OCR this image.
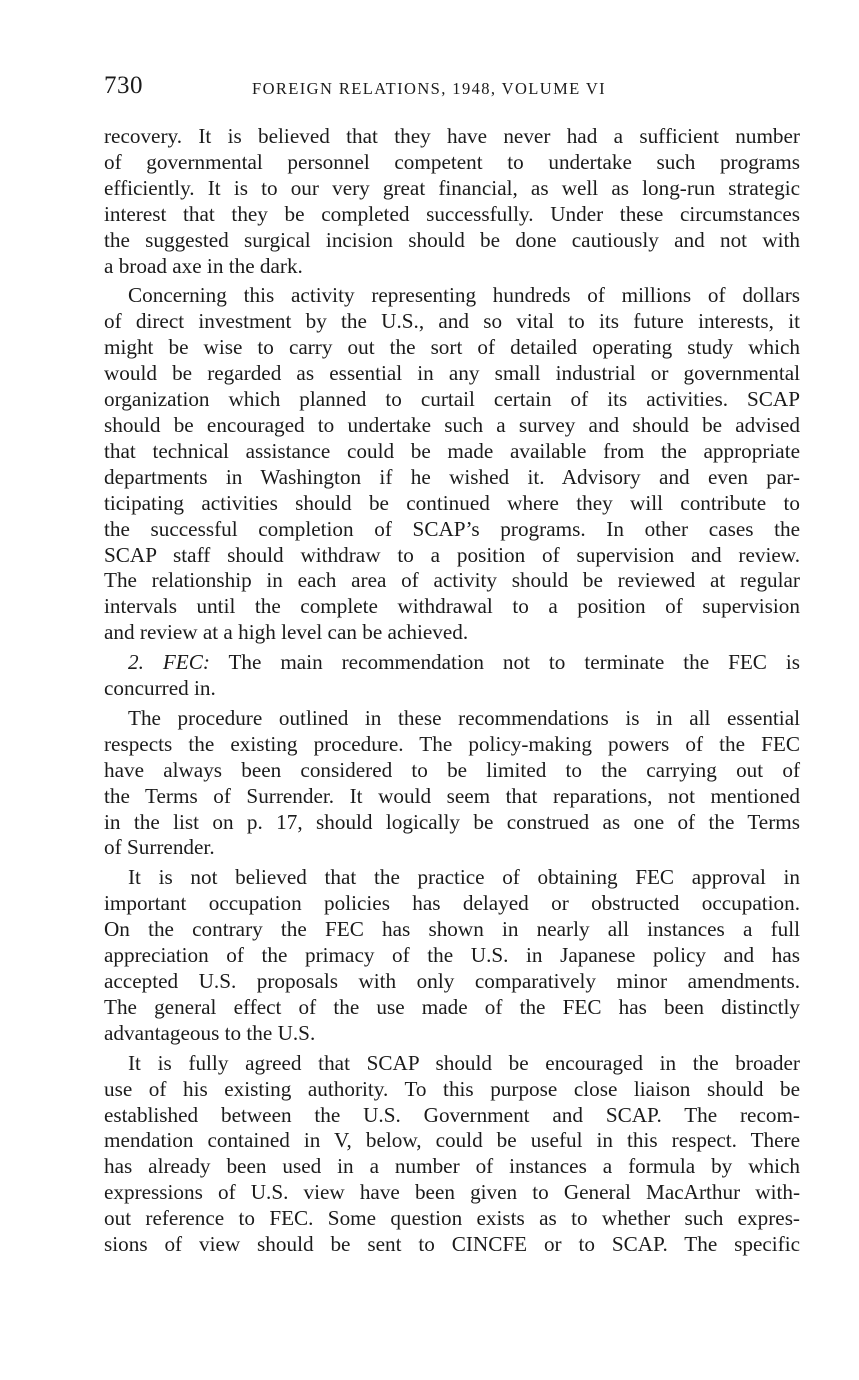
730	FOREIGN RELATIONS, 1948, VOLUME VI

recovery. It is believed that they have never had a sufficient number
of governmental personnel competent to undertake such programs
efficiently. It is to our very great financial, as well as long-run strategic
interest that they be completed successfully. Under these circumstances
the suggested surgical incision should be done cautiously and not with
a broad axe in the dark.

Concerning this activity representing hundreds of millions of dollars
of direct investment by the U.S., and so vital to its future interests, it
might be wise to carry out the sort of detailed operating study which
would be regarded as essential in any small industrial or governmental
organization which planned to curtail certain of its activities. SCAP
should be encouraged to undertake such a survey and should be advised
that technical assistance could be made available from the appropriate
departments in Washington if he wished it. Advisory and even par-
ticipating activities should be continued where they will contribute to
the successful completion of SCAP’s programs. In other cases the
SCAP staff should withdraw to a position of supervision and review.
The relationship in each area of activity should be reviewed at regular
intervals until the complete withdrawal to a position of supervision
and review at a high level can be achieved.

2. FEC: The main recommendation not to terminate the FEC is
concurred in.

The procedure outlined in these recommendations is in all essential
respects the existing procedure. The policy-making powers of the FEC
have always been considered to be limited to the carrying out of
the Terms of Surrender. It would seem that reparations, not mentioned
in the list on p. 17, should logically be construed as one of the Terms
of Surrender.

It is not believed that the practice of obtaining FEC approval in
important occupation policies has delayed or obstructed occupation.
On the contrary the FEC has shown in nearly all instances a full
appreciation of the primacy of the U.S. in Japanese policy and has
accepted U.S. proposals with only comparatively minor amendments.
The general effect of the use made of the FEC has been distinctly
advantageous to the U.S.

It is fully agreed that SCAP should be encouraged in the broader
use of his existing authority. To this purpose close liaison should be
established between the U.S. Government and SCAP. The recom-
mendation contained in V, below, could be useful in this respect. There
has already been used in a number of instances a formula by which
expressions of U.S. view have been given to General MacArthur with-
out reference to FEC. Some question exists as to whether such expres-
sions of view should be sent to CINCFE or to SCAP. The specific
